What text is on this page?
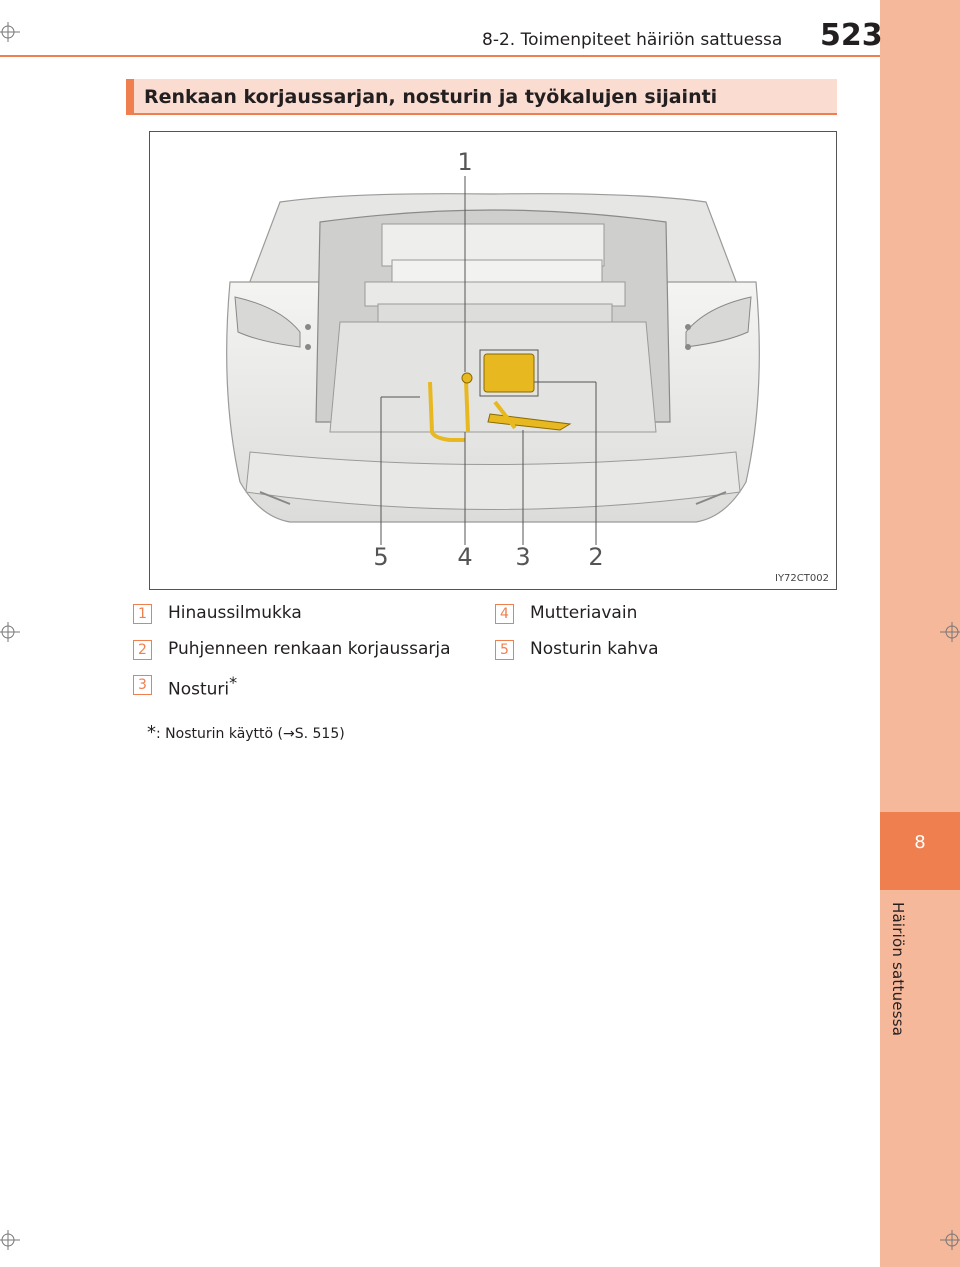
8
Häiriön sattuessa
8-2. Toimenpiteet häiriön sattuessa 523
Renkaan korjaussarjan, nosturin ja työkalujen sijainti
1
5	4 3 2
IY72CT002
1 Hinaussilmukka
2 Puhjenneen renkaan korjaussarja
3 Nosturi*
4 Mutteriavain
5 Nosturin kahva
*: Nosturin käyttö (→S. 515)
